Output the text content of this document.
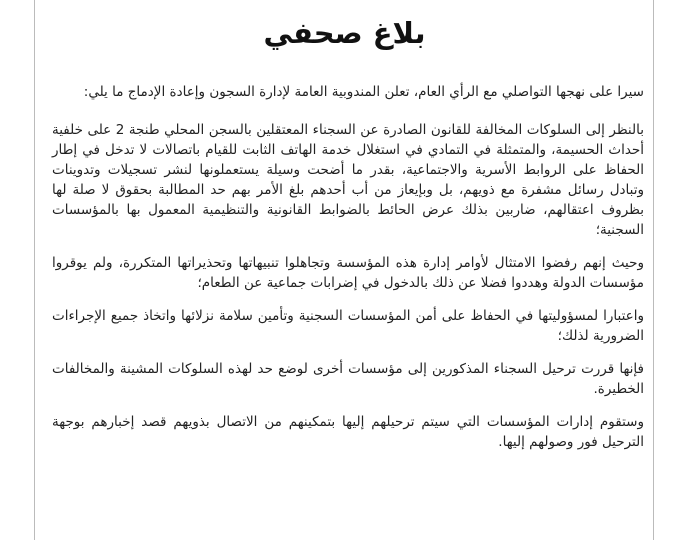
بلاغ صحفي

سيرا على نهجها التواصلي مع الرأي العام، تعلن المندوبية العامة لإدارة السجون وإعادة الإدماج ما يلي:

بالنظر إلى السلوكات المخالفة للقانون الصادرة عن السجناء المعتقلين بالسجن المحلي طنجة 2 على خلفية أحداث الحسيمة، والمتمثلة في التمادي في استغلال خدمة الهاتف الثابت للقيام باتصالات لا تدخل في إطار الحفاظ على الروابط الأسرية والاجتماعية، بقدر ما أضحت وسيلة يستعملونها لنشر تسجيلات وتدوينات وتبادل رسائل مشفرة مع ذويهم، بل وبإيعاز من أب أحدهم بلغ الأمر بهم حد المطالبة بحقوق لا صلة لها بظروف اعتقالهم، ضاربين بذلك عرض الحائط بالضوابط القانونية والتنظيمية المعمول بها بالمؤسسات السجنية؛

وحيث إنهم رفضوا الامتثال لأوامر إدارة هذه المؤسسة وتجاهلوا تنبيهاتها وتحذيراتها المتكررة، ولم يوقروا مؤسسات الدولة وهددوا فضلا عن ذلك بالدخول في إضرابات جماعية عن الطعام؛

واعتبارا لمسؤوليتها في الحفاظ على أمن المؤسسات السجنية وتأمين سلامة نزلائها واتخاذ جميع الإجراءات الضرورية لذلك؛

فإنها قررت ترحيل السجناء المذكورين إلى مؤسسات أخرى لوضع حد لهذه السلوكات المشينة والمخالفات الخطيرة.

وستقوم إدارات المؤسسات التي سيتم ترحيلهم إليها بتمكينهم من الاتصال بذويهم قصد إخبارهم بوجهة الترحيل فور وصولهم إليها.
